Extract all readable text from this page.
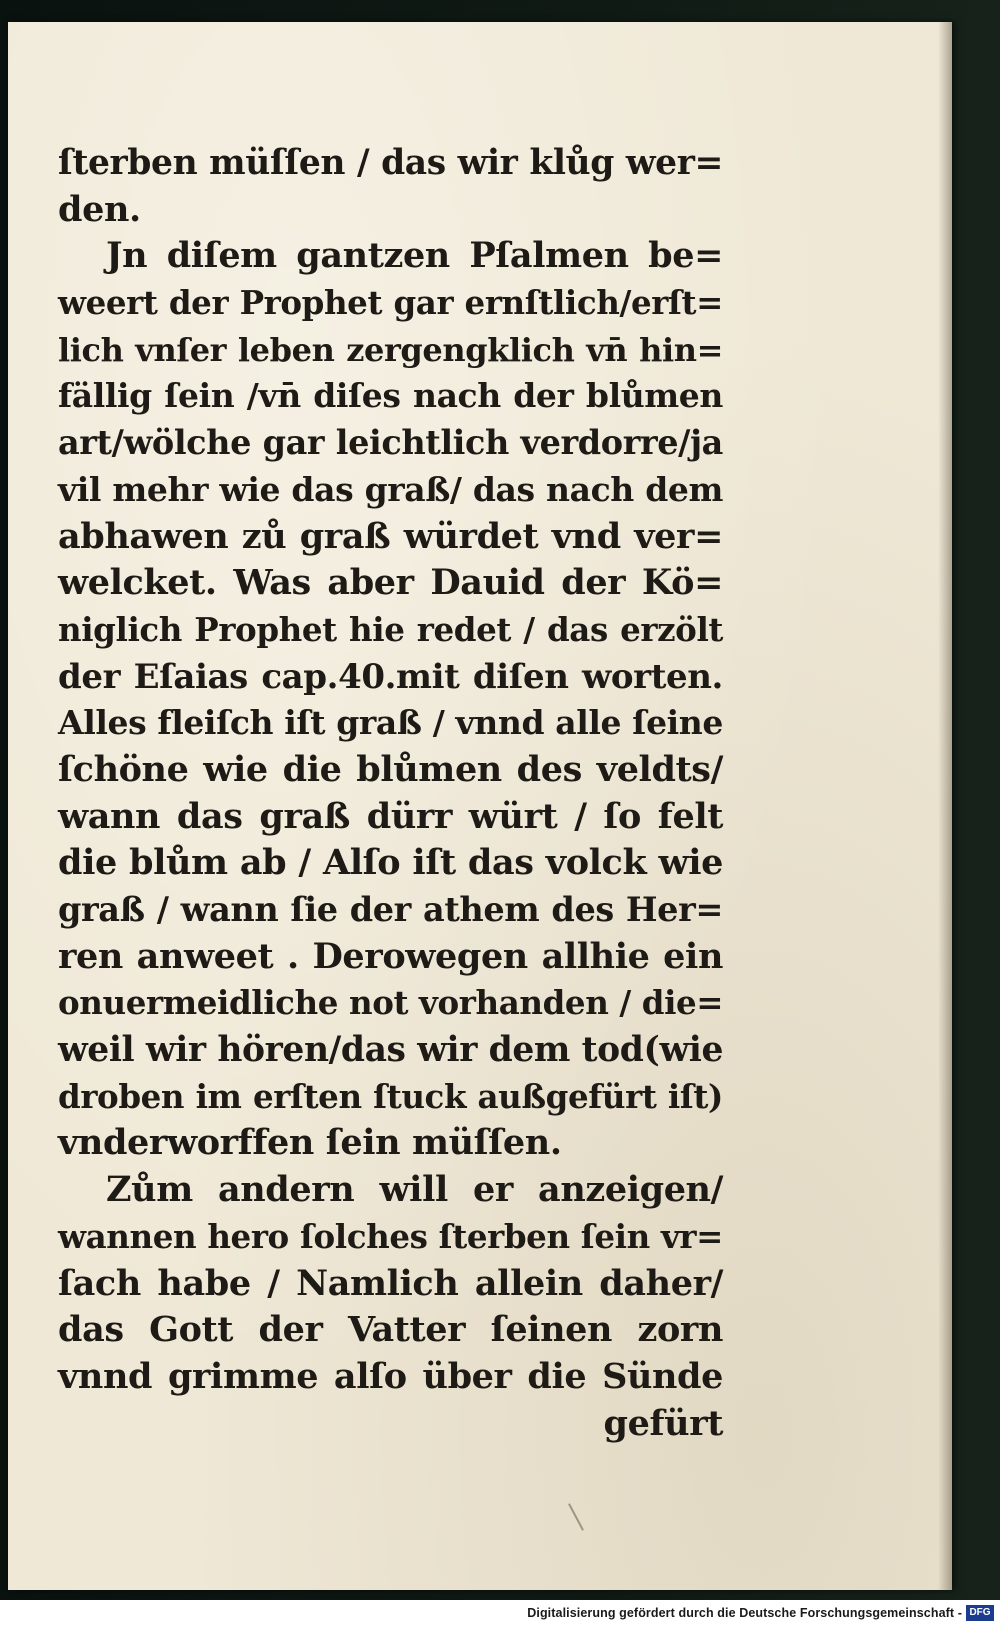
ſterben müſſen / das wir klůg wer=
den.
Jn diſem gantzen Pſalmen be=
weert der Prophet gar ernſtlich/erſt=
lich vnſer leben zergengklich vn̄ hin=
fällig ſein /vn̄ diſes nach der blůmen
art/wölche gar leichtlich verdorre/ja
vil mehr wie das graß/ das nach dem
abhawen zů graß würdet vnd ver=
welcket. Was aber Dauid der Kö=
niglich Prophet hie redet / das erzölt
der Eſaias cap.40.mit diſen worten.
Alles fleiſch iſt graß / vnnd alle ſeine
ſchöne wie die blůmen des veldts/
wann das graß dürr würt / ſo felt
die blům ab / Alſo iſt das volck wie
graß / wann ſie der athem des Her=
ren anweet . Derowegen allhie ein
onuermeidliche not vorhanden / die=
weil wir hören/das wir dem tod(wie
droben im erſten ſtuck außgefürt iſt)
vnderworffen ſein müſſen.
Zům andern will er anzeigen/
wannen hero ſolches ſterben ſein vr=
ſach habe / Namlich allein daher/
das Gott der Vatter ſeinen zorn
vnnd grimme alſo über die Sünde
gefürt
Digitalisierung gefördert durch die Deutsche Forschungsgemeinschaft - DFG
